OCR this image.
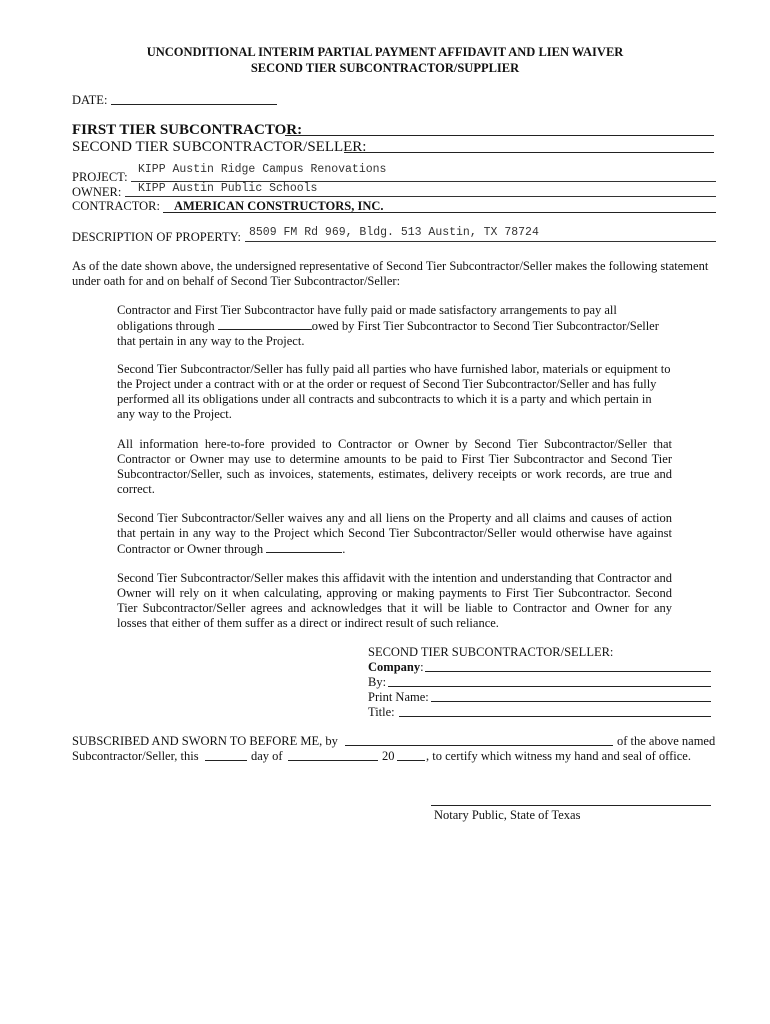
UNCONDITIONAL INTERIM PARTIAL PAYMENT AFFIDAVIT AND LIEN WAIVER
SECOND TIER SUBCONTRACTOR/SUPPLIER
DATE:
FIRST TIER SUBCONTRACTOR:
SECOND TIER SUBCONTRACTOR/SELLER:
PROJECT:
KIPP Austin Ridge Campus Renovations
OWNER: KIPP Austin Public Schools
CONTRACTOR: AMERICAN CONSTRUCTORS, INC.
DESCRIPTION OF PROPERTY: 8509 FM Rd 969, Bldg. 513 Austin, TX 78724
As of the date shown above, the undersigned representative of Second Tier Subcontractor/Seller makes the following statement under oath for and on behalf of Second Tier Subcontractor/Seller:
Contractor and First Tier Subcontractor have fully paid or made satisfactory arrangements to pay all obligations through	owed by First Tier Subcontractor to Second Tier Subcontractor/Seller that pertain in any way to the Project.
Second Tier Subcontractor/Seller has fully paid all parties who have furnished labor, materials or equipment to the Project under a contract with or at the order or request of Second Tier Subcontractor/Seller and has fully performed all its obligations under all contracts and subcontracts to which it is a party and which pertain in any way to the Project.
All information here-to-fore provided to Contractor or Owner by Second Tier Subcontractor/Seller that Contractor or Owner may use to determine amounts to be paid to First Tier Subcontractor and Second Tier Subcontractor/Seller, such as invoices, statements, estimates, delivery receipts or work records, are true and correct.
Second Tier Subcontractor/Seller waives any and all liens on the Property and all claims and causes of action that pertain in any way to the Project which Second Tier Subcontractor/Seller would otherwise have against Contractor or Owner through	.
Second Tier Subcontractor/Seller makes this affidavit with the intention and understanding that Contractor and Owner will rely on it when calculating, approving or making payments to First Tier Subcontractor. Second Tier Subcontractor/Seller agrees and acknowledges that it will be liable to Contractor and Owner for any losses that either of them suffer as a direct or indirect result of such reliance.
SECOND TIER SUBCONTRACTOR/SELLER:
Company:
By:
Print Name:
Title:
SUBSCRIBED AND SWORN TO BEFORE ME, by	of the above named
Subcontractor/Seller, this	day of	20	, to certify which witness my hand and seal of office.
Notary Public, State of Texas
